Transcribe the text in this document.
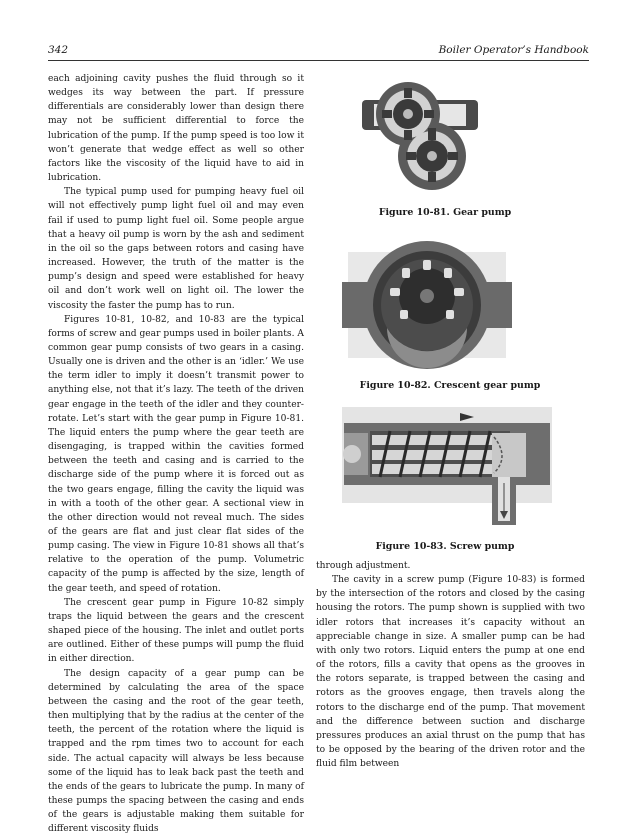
342	Boiler Operator’s Handbook

each adjoining cavity pushes the fluid through so it wedges its way between the part. If pressure differentials are considerably lower than design there may not be sufficient differential to force the lubrication of the pump. If the pump speed is too low it won’t generate that wedge effect as well so other factors like the viscosity of the liquid have to aid in lubrication.

The typical pump used for pumping heavy fuel oil will not effectively pump light fuel oil and may even fail if used to pump light fuel oil. Some people argue that a heavy oil pump is worn by the ash and sediment in the oil so the gaps between rotors and casing have increased. However, the truth of the matter is the pump’s design and speed were established for heavy oil and don’t work well on light oil. The lower the viscosity the faster the pump has to run.

Figures 10-81, 10-82, and 10-83 are the typical forms of screw and gear pumps used in boiler plants. A common gear pump consists of two gears in a casing. Usually one is driven and the other is an ‘idler.’ We use the term idler to imply it doesn’t transmit power to anything else, not that it’s lazy. The teeth of the driven gear engage in the teeth of the idler and they counter-rotate. Let’s start with the gear pump in Figure 10-81. The liquid enters the pump where the gear teeth are disengaging, is trapped within the cavities formed between the teeth and casing and is carried to the discharge side of the pump where it is forced out as the two gears engage, filling the cavity the liquid was in with a tooth of the other gear. A sectional view in the other direction would not reveal much. The sides of the gears are flat and just clear flat sides of the pump casing. The view in Figure 10-81 shows all that’s relative to the operation of the pump. Volumetric capacity of the pump is affected by the size, length of the gear teeth, and speed of rotation.

The crescent gear pump in Figure 10-82 simply traps the liquid between the gears and the crescent shaped piece of the housing. The inlet and outlet ports are outlined. Either of these pumps will pump the fluid in either direction.

The design capacity of a gear pump can be determined by calculating the area of the space between the casing and the root of the gear teeth, then multiplying that by the radius at the center of the teeth, the percent of the rotation where the liquid is trapped and the rpm times two to account for each side. The actual capacity will always be less because some of the liquid has to leak back past the teeth and the ends of the gears to lubricate the pump. In many of these pumps the spacing between the casing and ends of the gears is adjustable making them suitable for different viscosity fluids

Figure 10-81. Gear pump
Figure 10-82. Crescent gear pump
Figure 10-83. Screw pump

through adjustment.

The cavity in a screw pump (Figure 10-83) is formed by the intersection of the rotors and closed by the casing housing the rotors. The pump shown is supplied with two idler rotors that increases it’s capacity without an appreciable change in size. A smaller pump can be had with only two rotors. Liquid enters the pump at one end of the rotors, fills a cavity that opens as the grooves in the rotors separate, is trapped between the casing and rotors as the grooves engage, then travels along the rotors to the discharge end of the pump. That movement and the difference between suction and discharge pressures produces an axial thrust on the pump that has to be opposed by the bearing of the driven rotor and the fluid film between
